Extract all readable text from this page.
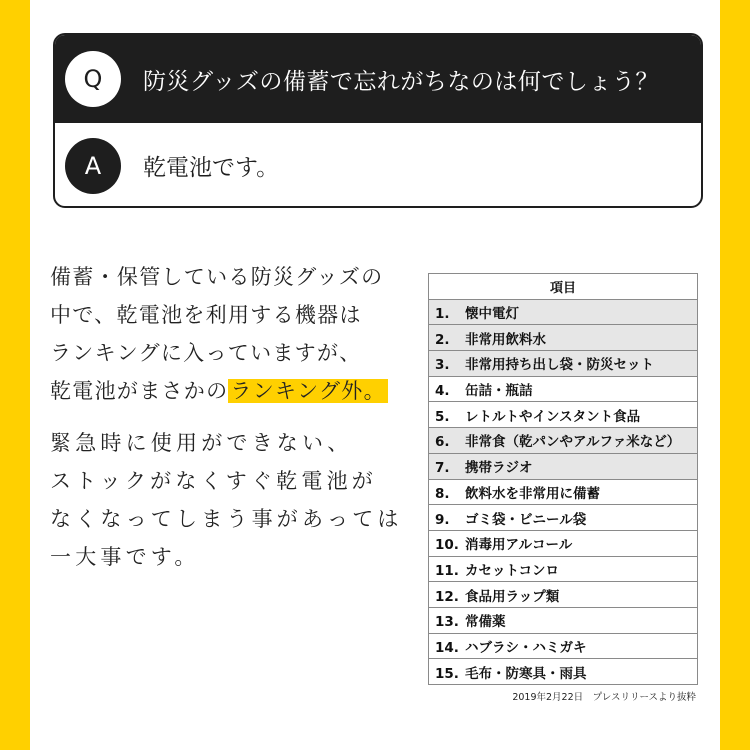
Q	防災グッズの備蓄で忘れがちなのは何でしょう？
A	乾電池です。
備蓄・保管している防災グッズの
中で、乾電池を利用する機器は
ランキングに入っていますが、
乾電池がまさかのランキング外。
緊急時に使用ができない、
ストックがなくすぐ乾電池が
なくなってしまう事があっては
一大事です。
項目
1. 懐中電灯
2. 非常用飲料水
3. 非常用持ち出し袋・防災セット
4. 缶詰・瓶詰
5. レトルトやインスタント食品
6. 非常食（乾パンやアルファ米など）
7. 携帯ラジオ
8. 飲料水を非常用に備蓄
9. ゴミ袋・ビニール袋
10. 消毒用アルコール
11. カセットコンロ
12. 食品用ラップ類
13. 常備薬
14. ハブラシ・ハミガキ
15. 毛布・防寒具・雨具
2019年2月22日　プレスリリースより抜粋
